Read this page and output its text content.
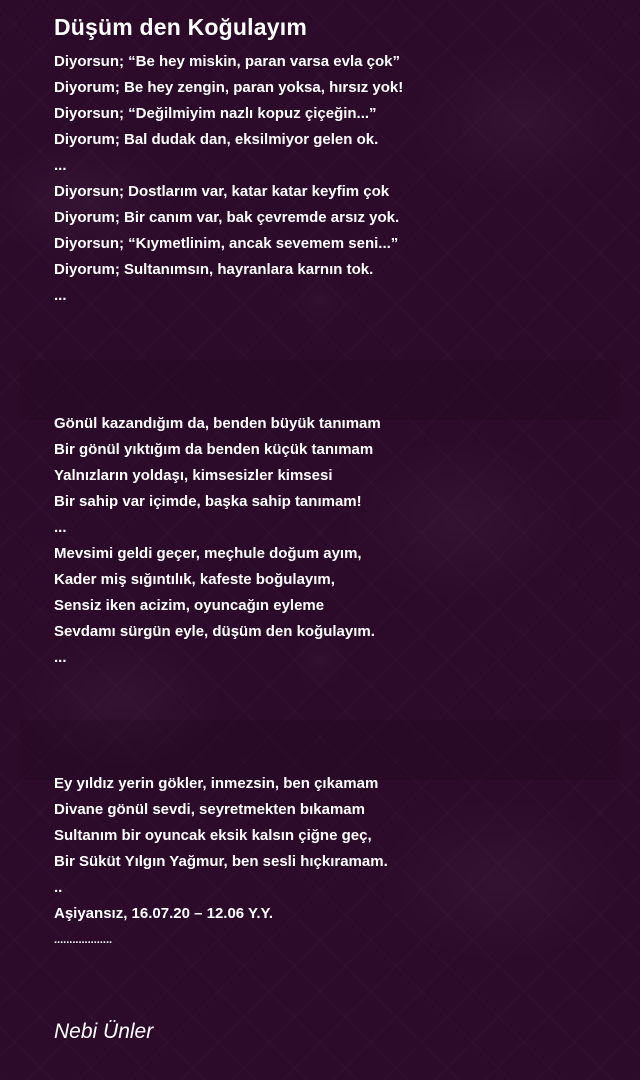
Düşüm den Koğulayım
Diyorsun; “Be hey miskin, paran varsa evla çok”
Diyorum; Be hey zengin, paran yoksa, hırsız yok!
Diyorsun; “Değilmiyim nazlı kopuz çiçeğin...”
Diyorum; Bal dudak dan, eksilmiyor gelen ok.
...
Diyorsun; Dostlarım var, katar katar keyfim çok
Diyorum; Bir canım var, bak çevremde arsız yok.
Diyorsun; “Kıymetlinim, ancak sevemem seni...”
Diyorum; Sultanımsın, hayranlara karnın tok.
...
Gönül kazandığım da, benden büyük tanımam
Bir gönül yıktığım da benden küçük tanımam
Yalnızların yoldaşı, kimsesizler kimsesi
Bir sahip var içimde, başka sahip tanımam!
...
Mevsimi geldi geçer, meçhule doğum ayım,
Kader miş sığıntılık, kafeste boğulayım,
Sensiz iken acizim, oyuncağın eyleme
Sevdamı sürgün eyle, düşüm den koğulayım.
...
Ey yıldız yerin gökler, inmezsin, ben çıkamam
Divane gönül sevdi, seyretmekten bıkamam
Sultanım bir oyuncak eksik kalsın çiğne geç,
Bir Süküt Yılgın Yağmur, ben sesli hıçkıramam.
..
Aşiyansız, 16.07.20 – 12.06 Y.Y.
...................
Nebi Ünler
